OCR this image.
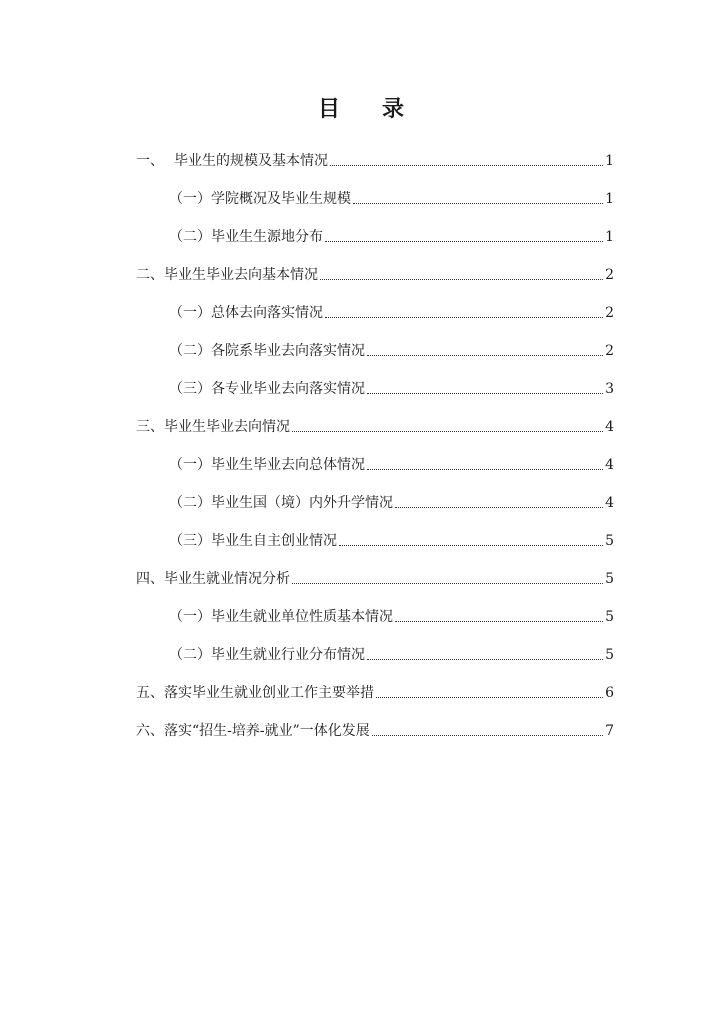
目 录
一、 毕业生的规模及基本情况	1
（一） 学院概况及毕业生规模	1
（二） 毕业生生源地分布	1
二、 毕业生毕业去向基本情况	2
（一） 总体去向落实情况	2
（二） 各院系毕业去向落实情况	2
（三） 各专业毕业去向落实情况	3
三、 毕业生毕业去向情况	4
（一） 毕业生毕业去向总体情况	4
（二） 毕业生国（境）内外升学情况	4
（三） 毕业生自主创业情况	5
四、 毕业生就业情况分析	5
（一） 毕业生就业单位性质基本情况	5
（二） 毕业生就业行业分布情况	5
五、 落实毕业生就业创业工作主要举措	6
六、 落实“招生-培养-就业”一体化发展	7
